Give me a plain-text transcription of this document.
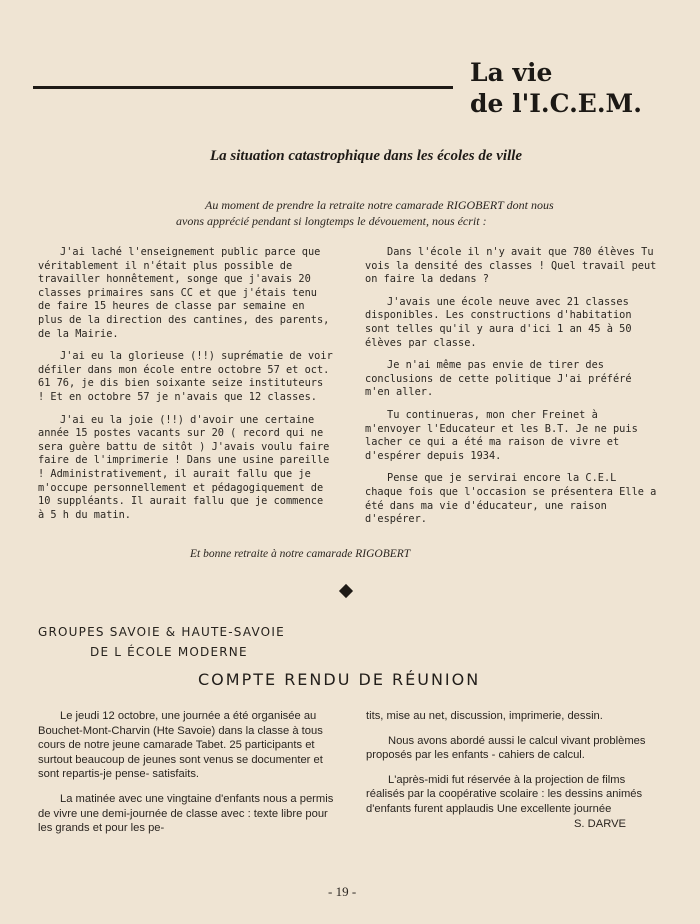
La vie
de l'I.C.E.M.
La situation catastrophique dans les écoles de ville
Au moment de prendre la retraite notre camarade RIGOBERT dont nous
avons apprécié pendant si longtemps le dévouement, nous écrit :

J'ai laché l'enseignement public parce que véritablement il n'était plus possible de travailler honnêtement, songe que j'avais 20 classes primaires sans CC et que j'étais tenu de faire 15 heures de classe par semaine en plus de la direction des cantines, des parents, de la Mairie.

J'ai eu la glorieuse (!!) suprématie de voir défiler dans mon école entre octobre 57 et oct. 61 76, je dis bien soixante seize instituteurs ! Et en octobre 57 je n'avais que 12 classes.

J'ai eu la joie (!!) d'avoir une certaine année 15 postes vacants sur 20 ( record qui ne sera guère battu de sitôt ) J'avais voulu faire faire de l'imprimerie ! Dans une usine pareille ! Administrativement, il aurait fallu que je m'occupe personnellement et pédagogiquement de 10 suppléants. Il aurait fallu que je commence à 5 h du matin.

Dans l'école il n'y avait que 780 élèves Tu vois la densité des classes ! Quel travail peut on faire la dedans ?

J'avais une école neuve avec 21 classes disponibles. Les constructions d'habitation sont telles qu'il y aura d'ici 1 an 45 à 50 élèves par classe.

Je n'ai même pas envie de tirer des conclusions de cette politique J'ai préféré m'en aller.

Tu continueras, mon cher Freinet à m'envoyer l'Educateur et les B.T. Je ne puis lacher ce qui a été ma raison de vivre et d'espérer depuis 1934.

Pense que je servirai encore la C.E.L chaque fois que l'occasion se présentera Elle a été dans ma vie d'éducateur, une raison d'espérer.

Et bonne retraite à notre camarade RIGOBERT
GROUPES SAVOIE & HAUTE-SAVOIE
DE L ÉCOLE MODERNE
COMPTE RENDU DE RÉUNION

Le jeudi 12 octobre, une journée a été organisée au Bouchet-Mont-Charvin (Hte Savoie) dans la classe à tous cours de notre jeune camarade Tabet. 25 participants et surtout beaucoup de jeunes sont venus se documenter et sont repartis-je pense- satisfaits.

La matinée avec une vingtaine d'enfants nous a permis de vivre une demi-journée de classe avec : texte libre pour les grands et pour les pe-

tits, mise au net, discussion, imprimerie, dessin.

Nous avons abordé aussi le calcul vivant problèmes proposés par les enfants - cahiers de calcul.

L'après-midi fut réservée à la projection de films réalisés par la coopérative scolaire : les dessins animés d'enfants furent applaudis Une excellente journée

S. DARVE
- 19 -
